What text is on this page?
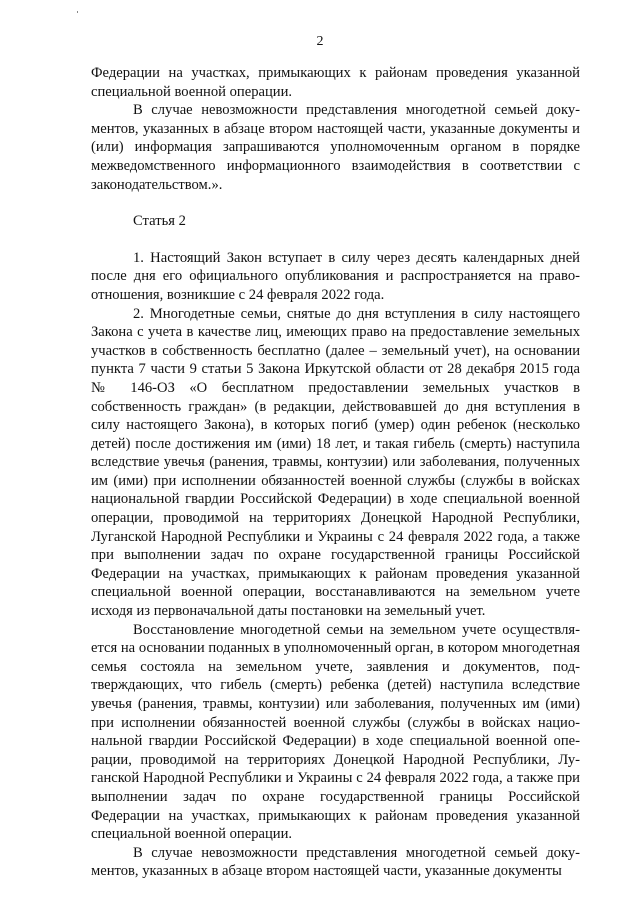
2

Федерации на участках, примыкающих к районам проведения указанной специальной военной операции.

В случае невозможности представления многодетной семьей документов, указанных в абзаце втором настоящей части, указанные документы и (или) информация запрашиваются уполномоченным органом в порядке межведомственного информационного взаимодействия в соответствии с законодательством.».

Статья 2

1. Настоящий Закон вступает в силу через десять календарных дней после дня его официального опубликования и распространяется на правоотношения, возникшие с 24 февраля 2022 года.

2. Многодетные семьи, снятые до дня вступления в силу настоящего Закона с учета в качестве лиц, имеющих право на предоставление земельных участков в собственность бесплатно (далее – земельный учет), на основании пункта 7 части 9 статьи 5 Закона Иркутской области от 28 декабря 2015 года № 146-ОЗ «О бесплатном предоставлении земельных участков в собственность граждан» (в редакции, действовавшей до дня вступления в силу настоящего Закона), в которых погиб (умер) один ребенок (несколько детей) после достижения им (ими) 18 лет, и такая гибель (смерть) наступила вследствие увечья (ранения, травмы, контузии) или заболевания, полученных им (ими) при исполнении обязанностей военной службы (службы в войсках национальной гвардии Российской Федерации) в ходе специальной военной операции, проводимой на территориях Донецкой Народной Республики, Луганской Народной Республики и Украины с 24 февраля 2022 года, а также при выполнении задач по охране государственной границы Российской Федерации на участках, примыкающих к районам проведения указанной специальной военной операции, восстанавливаются на земельном учете исходя из первоначальной даты постановки на земельный учет.

Восстановление многодетной семьи на земельном учете осуществляется на основании поданных в уполномоченный орган, в котором многодетная семья состояла на земельном учете, заявления и документов, подтверждающих, что гибель (смерть) ребенка (детей) наступила вследствие увечья (ранения, травмы, контузии) или заболевания, полученных им (ими) при исполнении обязанностей военной службы (службы в войсках национальной гвардии Российской Федерации) в ходе специальной военной операции, проводимой на территориях Донецкой Народной Республики, Луганской Народной Республики и Украины с 24 февраля 2022 года, а также при выполнении задач по охране государственной границы Российской Федерации на участках, примыкающих к районам проведения указанной специальной военной операции.

В случае невозможности представления многодетной семьей документов, указанных в абзаце втором настоящей части, указанные документы
